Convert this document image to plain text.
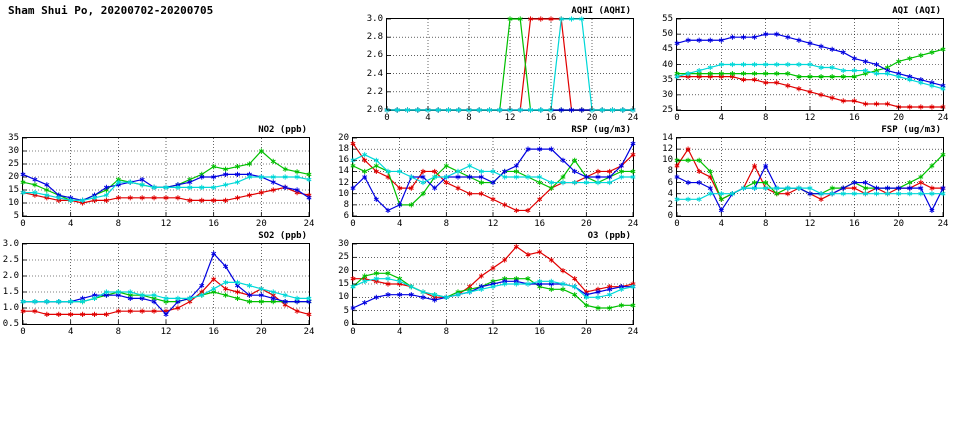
Sham Shui Po, 20200702-20200705	AQHI (AQHI)
0	4	8	12	16	20	24
2.0
2.2
2.4
2.6
2.8
3.0
AQI (AQI)
0	4	8	12	16	20	24
25
30
35
40
45
50
55
NO2 (ppb)
0	4	8	12	16	20	24
5
10
15
20
25
30
35
RSP (ug/m3)
0	4	8	12	16	20	24
6
8
10
12
14
16
18
20
FSP (ug/m3)
0	4	8	12	16	20	24
0
2
4
6
8
10
12
14
SO2 (ppb)
0	4	8	12	16	20	24
0.5
1.0
1.5
2.0
2.5
3.0
O3 (ppb)
0	4	8	12	16	20	24
0
5
10
15
20
25
30
